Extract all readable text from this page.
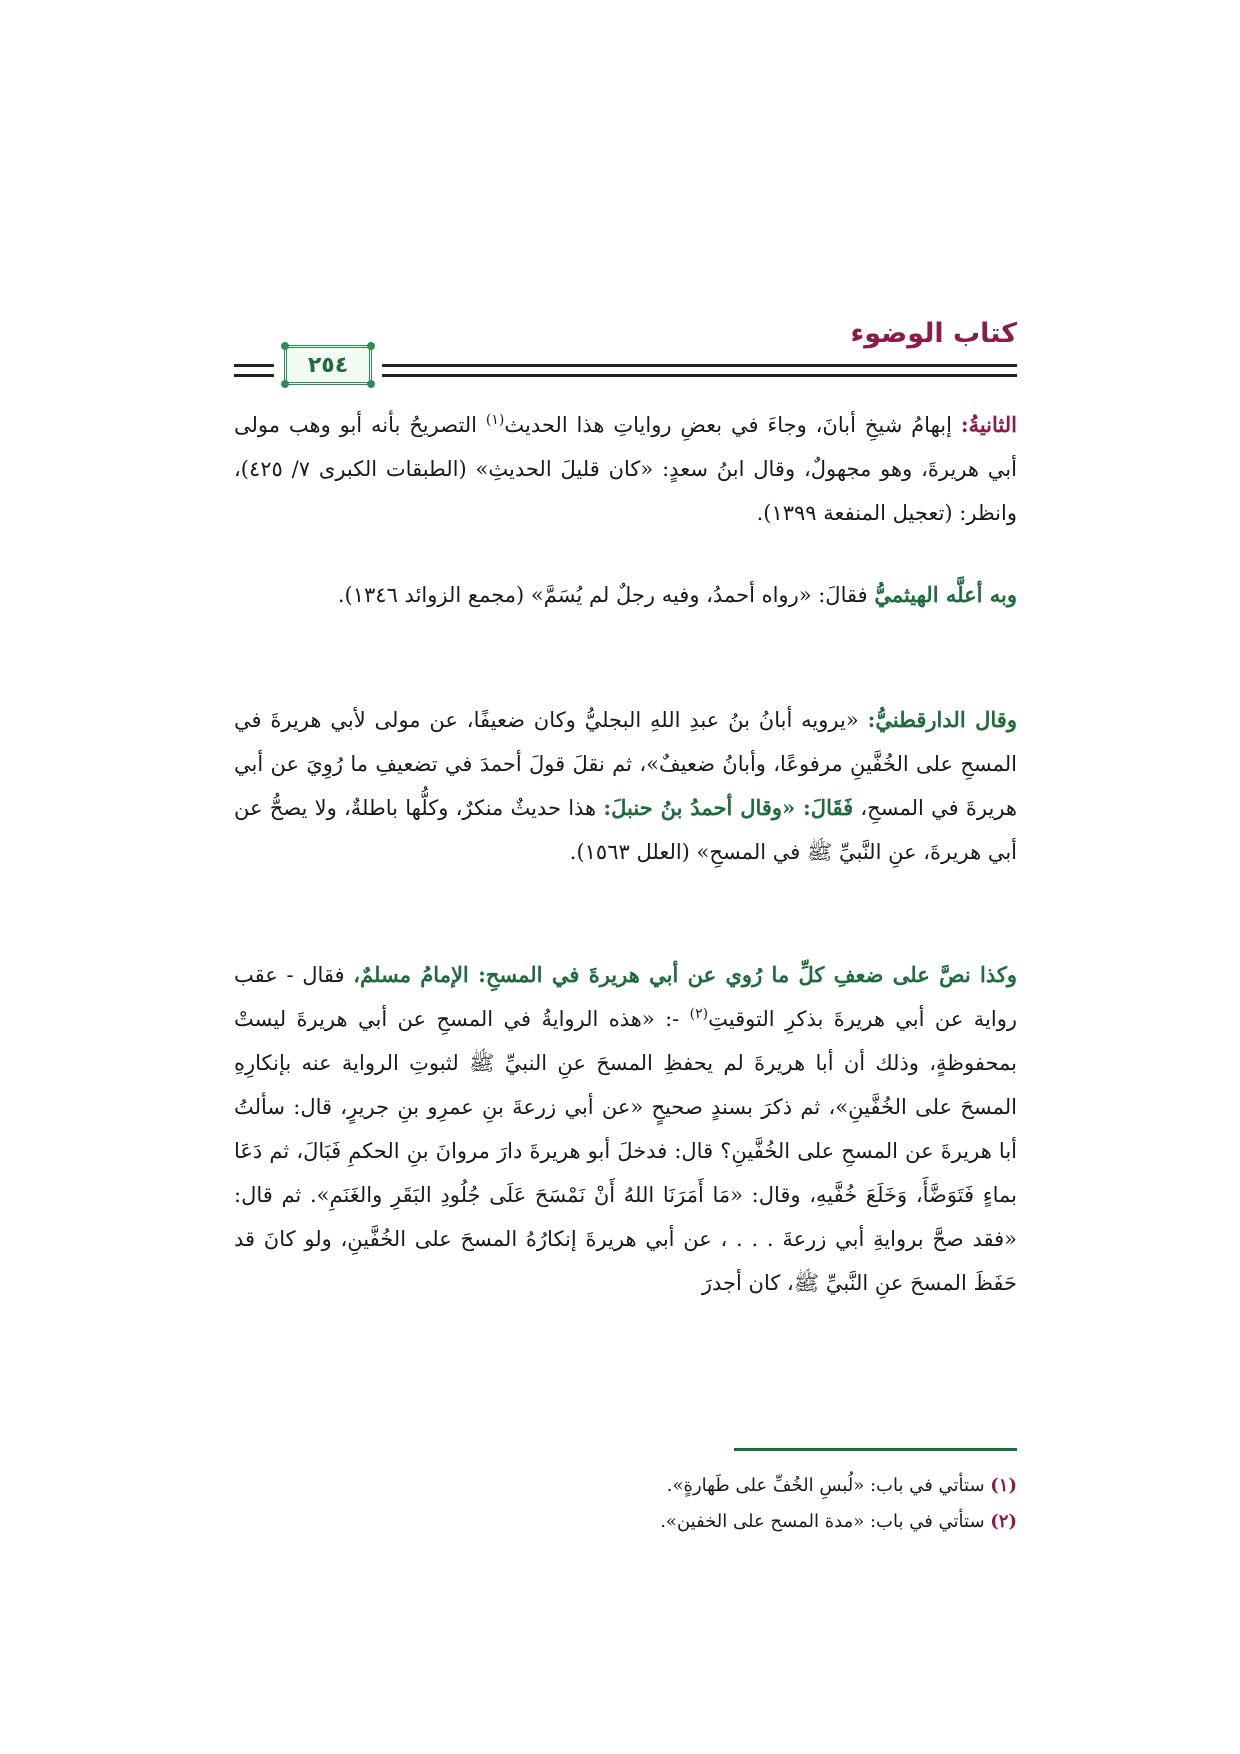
كتاب الوضوء
٢٥٤

الثانيةُ: إبهامُ شيخِ أبانَ، وجاءَ في بعضِ رواياتِ هذا الحديث$^{(١)}$ التصريحُ بأنه أبو وهب مولى أبي هريرةَ، وهو مجهولٌ، وقال ابنُ سعدٍ: «كان قليلَ الحديثِ» (الطبقات الكبرى ٧/ ٤٢٥)، وانظر: (تعجيل المنفعة ١٣٩٩).

وبه أعلَّه الهيثميُّ فقالَ: «رواه أحمدُ، وفيه رجلٌ لم يُسَمَّ» (مجمع الزوائد ١٣٤٦).

وقال الدارقطنيُّ: «يرويه أبانُ بنُ عبدِ اللهِ البجليُّ وكان ضعيفًا، عن مولى لأبي هريرةَ في المسحِ على الخُفَّينِ مرفوعًا، وأبانُ ضعيفٌ»، ثم نقلَ قولَ أحمدَ في تضعيفِ ما رُوِيَ عن أبي هريرةَ في المسحِ، فَقَالَ: «وقال أحمدُ بنُ حنبلَ: هذا حديثٌ منكرٌ، وكلُّها باطلةٌ، ولا يصحُّ عن أبي هريرةَ، عنِ النَّبيِّ ﷺ في المسحِ» (العلل ١٥٦٣).

وكذا نصَّ على ضعفِ كلِّ ما رُوي عن أبي هريرةَ في المسحِ: الإمامُ مسلمٌ، فقال - عقب رواية عن أبي هريرةَ بذكرِ التوقيتِ$^{(٢)}$ -: «هذه الروايةُ في المسحِ عن أبي هريرةَ ليستْ بمحفوظةٍ، وذلك أن أبا هريرةَ لم يحفظِ المسحَ عنِ النبيِّ ﷺ لثبوتِ الرواية عنه بإنكارِهِ المسحَ على الخُفَّينِ»، ثم ذكرَ بسندٍ صحيحٍ «عن أبي زرعةَ بنِ عمرِو بنِ جريرٍ، قال: سألتُ أبا هريرةَ عن المسحِ على الخُفَّينِ؟ قال: فدخلَ أبو هريرةَ دارَ مروانَ بنِ الحكمِ فَبَالَ، ثم دَعَا بماءٍ فَتَوَضَّأَ، وَخَلَعَ خُفَّيهِ، وقال: «مَا أَمَرَنَا اللهُ أَنْ نَمْسَحَ عَلَى جُلُودِ البَقَرِ والغَنَمِ». ثم قال: «فقد صحَّ بروايةِ أبي زرعةَ . . . ، عن أبي هريرةَ إنكارُهُ المسحَ على الخُفَّينِ، ولو كانَ قد حَفَظَ المسحَ عنِ النَّبيِّ ﷺ، كان أجدرَ

(١) ستأتي في باب: «لُبسِ الخُفِّ على طَهارةٍ».
(٢) ستأتي في باب: «مدة المسح على الخفين».
